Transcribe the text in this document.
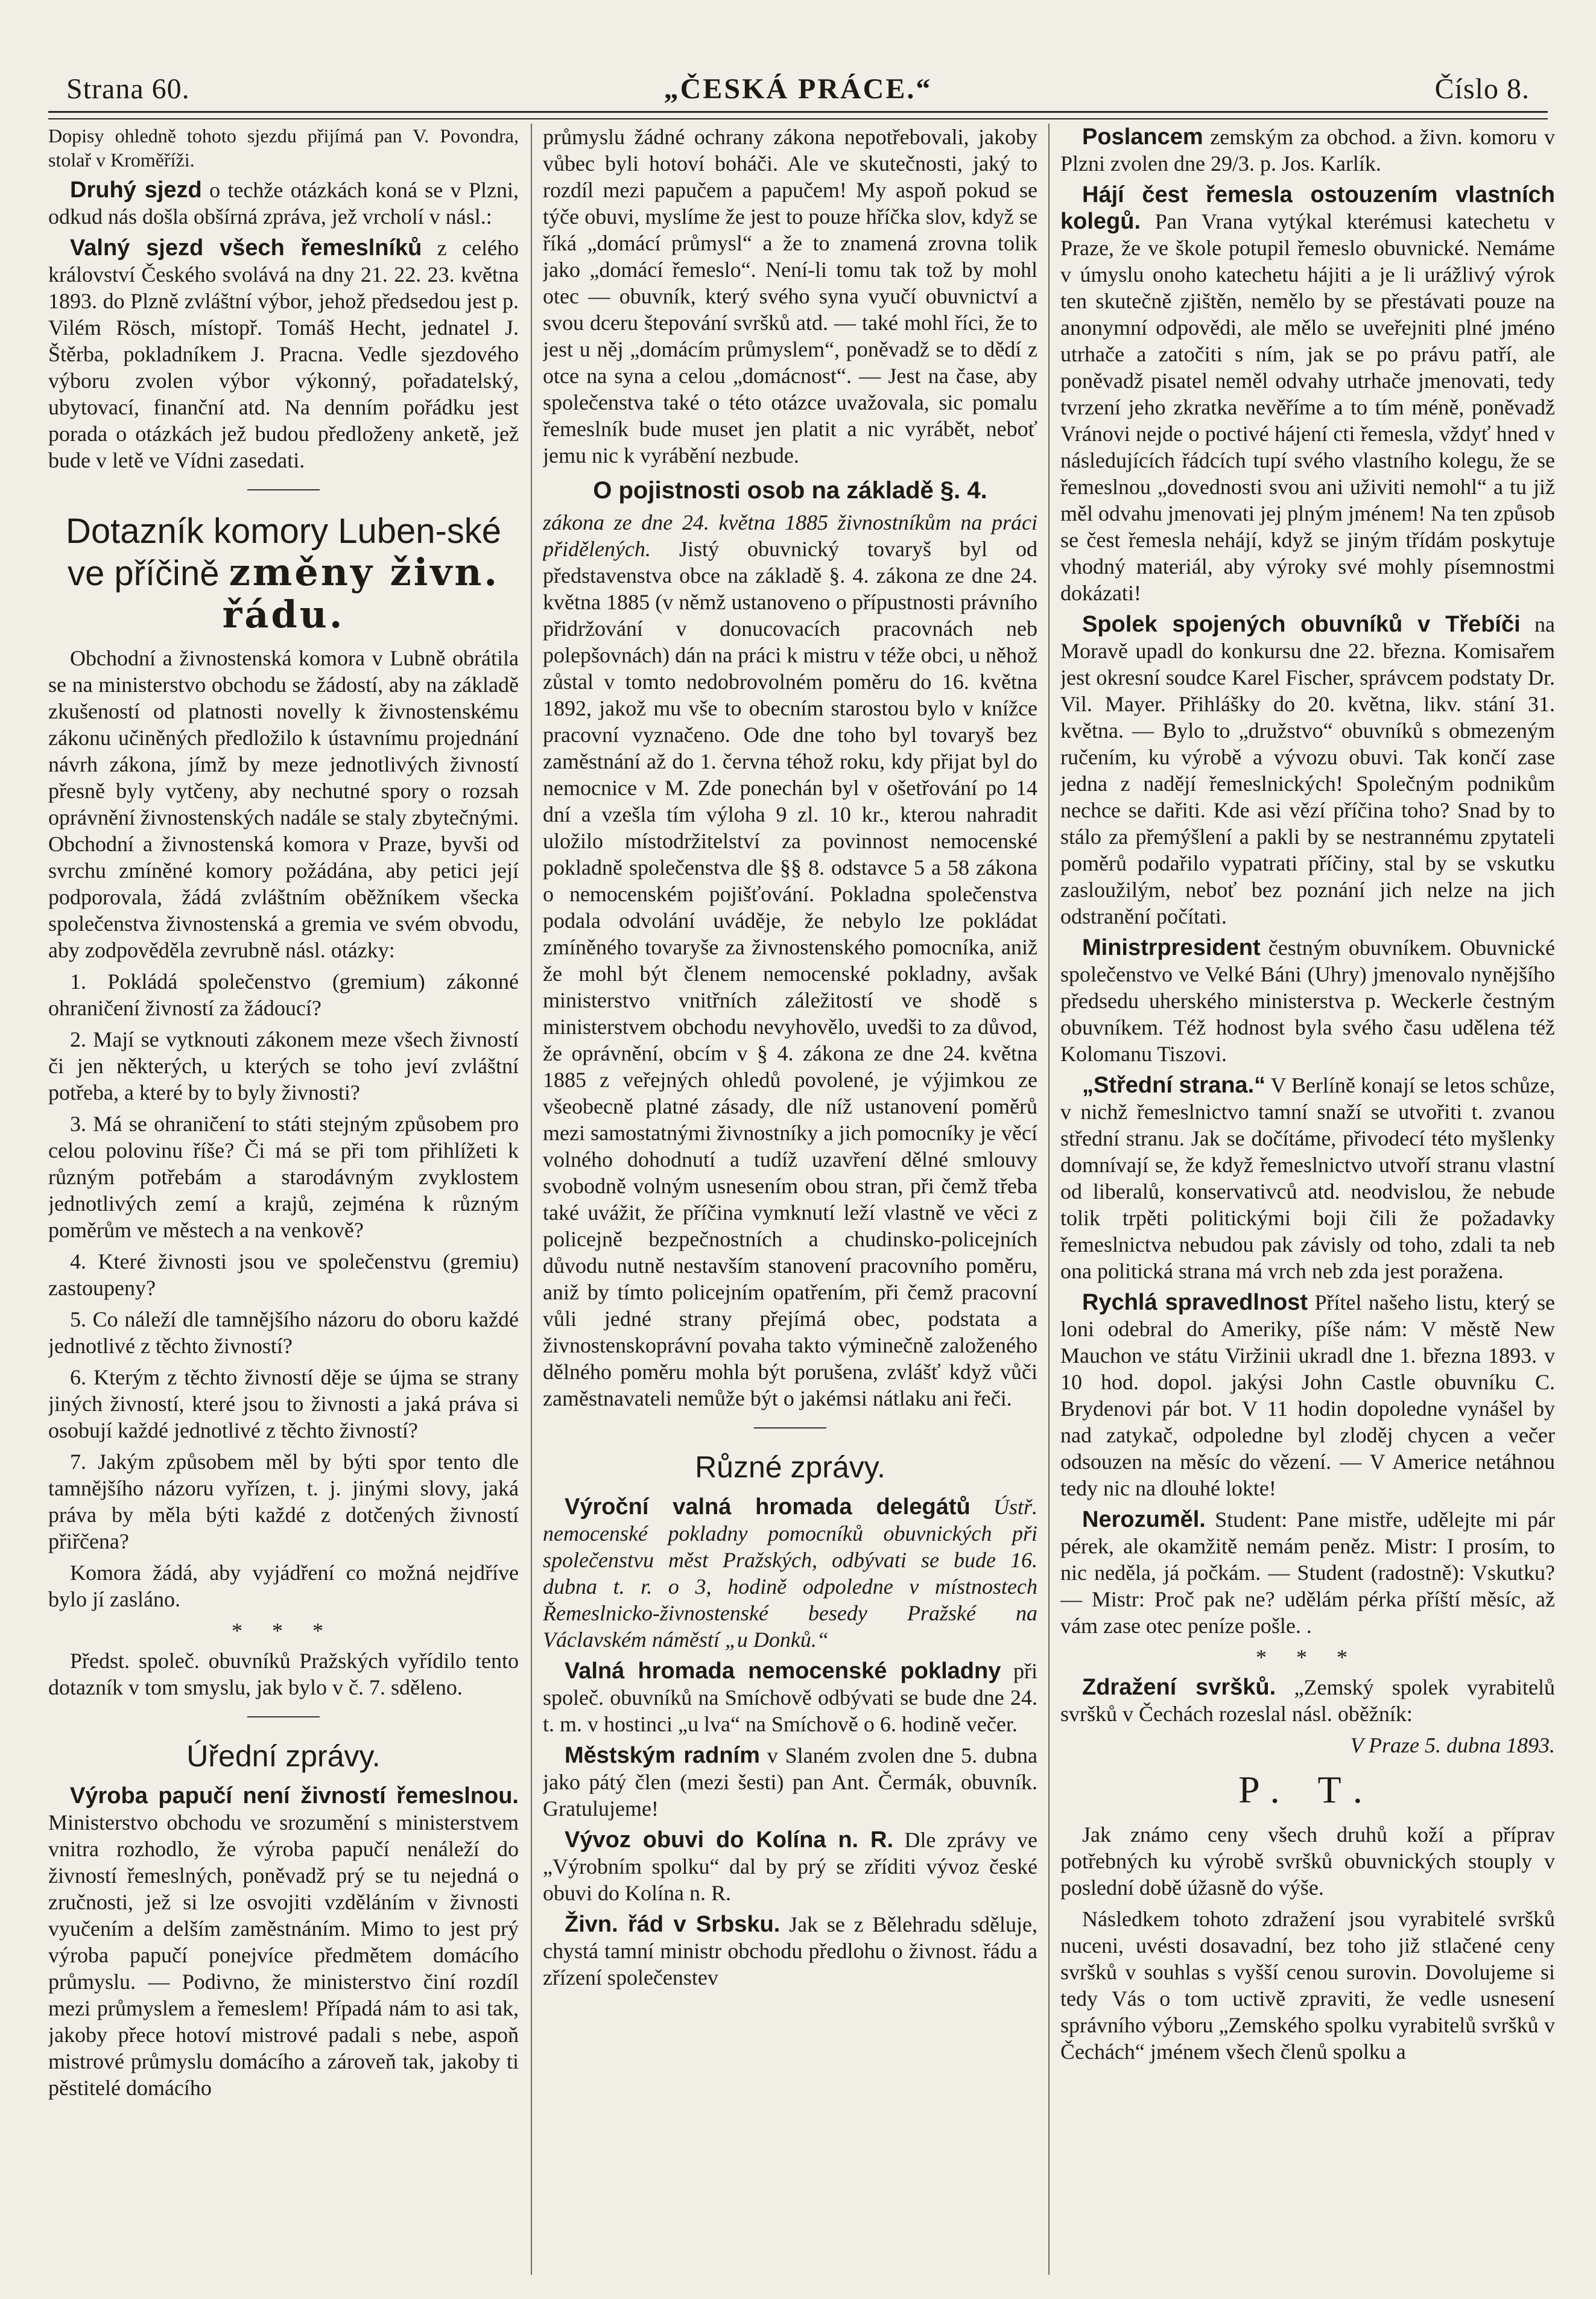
Strana 60.	„ČESKÁ PRÁCE.“	Číslo 8.

Dopisy ohledně tohoto sjezdu přijímá pan V. Povondra, stolař v Kroměříži.

Druhý sjezd o techže otázkách koná se v Plzni, odkud nás došla obšírná zpráva, jež vrcholí v násl.:

Valný sjezd všech řemeslníků z celého království Českého svolává na dny 21. 22. 23. května 1893. do Plzně zvláštní výbor, jehož předsedou jest p. Vilém Rösch, místopř. Tomáš Hecht, jednatel J. Štěrba, pokladníkem J. Pracna. Vedle sjezdového výboru zvolen výbor výkonný, pořadatelský, ubytovací, finanční atd. Na denním pořádku jest porada o otázkách jež budou předloženy anketě, jež bude v letě ve Vídni zasedati.

Dotazník komory Luben-ské
ve příčině změny živn. řádu.

Obchodní a živnostenská komora v Lubně obrátila se na ministerstvo obchodu se žádostí, aby na základě zkušeností od platnosti novelly k živnostenskému zákonu učiněných předložilo k ústavnímu projednání návrh zákona, jímž by meze jednotlivých živností přesně byly vytčeny, aby nechutné spory o rozsah oprávnění živnostenských nadále se staly zbytečnými. Obchodní a živnostenská komora v Praze, byvši od svrchu zmíněné komory požádána, aby petici její podporovala, žádá zvláštním oběžníkem všecka společenstva živnostenská a gremia ve svém obvodu, aby zodpověděla zevrubně násl. otázky:

1. Pokládá společenstvo (gremium) zákonné ohraničení živností za žádoucí?

2. Mají se vytknouti zákonem meze všech živností či jen některých, u kterých se toho jeví zvláštní potřeba, a které by to byly živnosti?

3. Má se ohraničení to státi stejným způsobem pro celou polovinu říše? Či má se při tom přihlížeti k různým potřebám a starodávným zvyklostem jednotlivých zemí a krajů, zejména k různým poměrům ve městech a na venkově?

4. Které živnosti jsou ve společenstvu (gremiu) zastoupeny?

5. Co náleží dle tamnějšího názoru do oboru každé jednotlivé z těchto živností?

6. Kterým z těchto živností děje se újma se strany jiných živností, které jsou to živnosti a jaká práva si osobují každé jednotlivé z těchto živností?

7. Jakým způsobem měl by býti spor tento dle tamnějšího názoru vyřízen, t. j. jinými slovy, jaká práva by měla býti každé z dotčených živností přiřčena?

Komora žádá, aby vyjádření co možná nejdříve bylo jí zasláno.

* * *

Předst. společ. obuvníků Pražských vyřídilo tento dotazník v tom smyslu, jak bylo v č. 7. sděleno.

Úřední zprávy.

Výroba papučí není živností řemeslnou. Ministerstvo obchodu ve srozumění s ministerstvem vnitra rozhodlo, že výroba papučí nenáleží do živností řemeslných, poněvadž prý se tu nejedná o zručnosti, jež si lze osvojiti vzděláním v živnosti vyučením a delším zaměstnáním. Mimo to jest prý výroba papučí ponejvíce předmětem domácího průmyslu. — Podivno, že ministerstvo činí rozdíl mezi průmyslem a řemeslem! Případá nám to asi tak, jakoby přece hotoví mistrové padali s nebe, aspoň mistrové průmyslu domácího a zároveň tak, jakoby ti pěstitelé domácího

průmyslu žádné ochrany zákona nepotřebovali, jakoby vůbec byli hotoví boháči. Ale ve skutečnosti, jaký to rozdíl mezi papučem a papučem! My aspoň pokud se týče obuvi, myslíme že jest to pouze hříčka slov, když se říká „domácí průmysl“ a že to znamená zrovna tolik jako „domácí řemeslo“. Není-li tomu tak tož by mohl otec — obuvník, který svého syna vyučí obuvnictví a svou dceru štepování svršků atd. — také mohl říci, že to jest u něj „domácím průmyslem“, poněvadž se to dědí z otce na syna a celou „domácnost“. — Jest na čase, aby společenstva také o této otázce uvažovala, sic pomalu řemeslník bude muset jen platit a nic vyrábět, neboť jemu nic k vyrábění nezbude.

O pojistnosti osob na základě §. 4.

zákona ze dne 24. května 1885 živnostníkům na práci přidělených. Jistý obuvnický tovaryš byl od představenstva obce na základě §. 4. zákona ze dne 24. května 1885 (v němž ustanoveno o přípustnosti právního přidržování v donucovacích pracovnách neb polepšovnách) dán na práci k mistru v téže obci, u něhož zůstal v tomto nedobrovolném poměru do 16. května 1892, jakož mu vše to obecním starostou bylo v knížce pracovní vyznačeno. Ode dne toho byl tovaryš bez zaměstnání až do 1. června téhož roku, kdy přijat byl do nemocnice v M. Zde ponechán byl v ošetřování po 14 dní a vzešla tím výloha 9 zl. 10 kr., kterou nahradit uložilo místodržitelství za povinnost nemocenské pokladně společenstva dle §§ 8. odstavce 5 a 58 zákona o nemocenském pojišťování. Pokladna společenstva podala odvolání uváděje, že nebylo lze pokládat zmíněného tovaryše za živnostenského pomocníka, aniž že mohl být členem nemocenské pokladny, avšak ministerstvo vnitřních záležitostí ve shodě s ministerstvem obchodu nevyhovělo, uvedši to za důvod, že oprávnění, obcím v § 4. zákona ze dne 24. května 1885 z veřejných ohledů povolené, je výjimkou ze všeobecně platné zásady, dle níž ustanovení poměrů mezi samostatnými živnostníky a jich pomocníky je věcí volného dohodnutí a tudíž uzavření dělné smlouvy svobodně volným usnesením obou stran, při čemž třeba také uvážit, že příčina vymknutí leží vlastně ve věci z policejně bezpečnostních a chudinsko-policejních důvodu nutně nestavším stanovení pracovního poměru, aniž by tímto policejním opatřením, při čemž pracovní vůli jedné strany přejímá obec, podstata a živnostenskoprávní povaha takto výminečně založeného dělného poměru mohla být porušena, zvlášť když vůči zaměstnavateli nemůže být o jakémsi nátlaku ani řeči.

Různé zprávy.

Výroční valná hromada delegátů Ústř. nemocenské pokladny pomocníků obuvnických při společenstvu měst Pražských, odbývati se bude 16. dubna t. r. o 3, hodině odpoledne v místnostech Řemeslnicko-živnostenské besedy Pražské na Václavském náměstí „u Donků.“

Valná hromada nemocenské pokladny při společ. obuvníků na Smíchově odbývati se bude dne 24. t. m. v hostinci „u lva“ na Smíchově o 6. hodině večer.

Městským radním v Slaném zvolen dne 5. dubna jako pátý člen (mezi šesti) pan Ant. Čermák, obuvník. Gratulujeme!

Vývoz obuvi do Kolína n. R. Dle zprávy ve „Výrobním spolku“ dal by prý se zříditi vývoz české obuvi do Kolína n. R.

Živn. řád v Srbsku. Jak se z Bělehradu sděluje, chystá tamní ministr obchodu předlohu o živnost. řádu a zřízení společenstev

Poslancem zemským za obchod. a živn. komoru v Plzni zvolen dne 29/3. p. Jos. Karlík.

Hájí čest řemesla ostouzením vlastních kolegů. Pan Vrana vytýkal kterémusi katechetu v Praze, že ve škole potupil řemeslo obuvnické. Nemáme v úmyslu onoho katechetu hájiti a je li urážlivý výrok ten skutečně zjištěn, nemělo by se přestávati pouze na anonymní odpovědi, ale mělo se uveřejniti plné jméno utrhače a zatočiti s ním, jak se po právu patří, ale poněvadž pisatel neměl odvahy utrhače jmenovati, tedy tvrzení jeho zkratka nevěříme a to tím méně, poněvadž Vránovi nejde o poctivé hájení cti řemesla, vždyť hned v následujících řádcích tupí svého vlastního kolegu, že se řemeslnou „dovednosti svou ani uživiti nemohl“ a tu již měl odvahu jmenovati jej plným jménem! Na ten způsob se čest řemesla nehájí, když se jiným třídám poskytuje vhodný materiál, aby výroky své mohly písemnostmi dokázati!

Spolek spojených obuvníků v Třebíči na Moravě upadl do konkursu dne 22. března. Komisařem jest okresní soudce Karel Fischer, správcem podstaty Dr. Vil. Mayer. Přihlášky do 20. května, likv. stání 31. května. — Bylo to „družstvo“ obuvníků s obmezeným ručením, ku výrobě a vývozu obuvi. Tak končí zase jedna z nadějí řemeslnických! Společným podnikům nechce se dařiti. Kde asi vězí příčina toho? Snad by to stálo za přemýšlení a pakli by se nestrannému zpytateli poměrů podařilo vypatrati příčiny, stal by se vskutku zasloužilým, neboť bez poznání jich nelze na jich odstranění počítati.

Ministrpresident čestným obuvníkem. Obuvnické společenstvo ve Velké Báni (Uhry) jmenovalo nynějšího předsedu uherského ministerstva p. Weckerle čestným obuvníkem. Též hodnost byla svého času udělena též Kolomanu Tiszovi.

„Střední strana.“ V Berlíně konají se letos schůze, v nichž řemeslnictvo tamní snaží se utvořiti t. zvanou střední stranu. Jak se dočítáme, přivodecí této myšlenky domnívají se, že když řemeslnictvo utvoří stranu vlastní od liberalů, konservativců atd. neodvislou, že nebude tolik trpěti politickými boji čili že požadavky řemeslnictva nebudou pak závisly od toho, zdali ta neb ona politická strana má vrch neb zda jest poražena.

Rychlá spravedlnost Přítel našeho listu, který se loni odebral do Ameriky, píše nám: V městě New Mauchon ve státu Viržinii ukradl dne 1. března 1893. v 10 hod. dopol. jakýsi John Castle obuvníku C. Brydenovi pár bot. V 11 hodin dopoledne vynášel by nad zatykač, odpoledne byl zloděj chycen a večer odsouzen na měsíc do vězení. — V Americe netáhnou tedy nic na dlouhé lokte!

Nerozuměl. Student: Pane mistře, udělejte mi pár pérek, ale okamžitě nemám peněz. Mistr: I prosím, to nic neděla, já počkám. — Student (radostně): Vskutku? — Mistr: Proč pak ne? udělám pérka příští měsíc, až vám zase otec peníze pošle. .

* * *

Zdražení svršků. „Zemský spolek vyrabitelů svršků v Čechách rozeslal násl. oběžník:

V Praze 5. dubna 1893.

P. T.

Jak známo ceny všech druhů koží a příprav potřebných ku výrobě svršků obuvnických stouply v poslední době úžasně do výše.

Následkem tohoto zdražení jsou vyrabitelé svršků nuceni, uvésti dosavadní, bez toho již stlačené ceny svršků v souhlas s vyšší cenou surovin. Dovolujeme si tedy Vás o tom uctivě zpraviti, že vedle usnesení správního výboru „Zemského spolku vyrabitelů svršků v Čechách“ jménem všech členů spolku a
